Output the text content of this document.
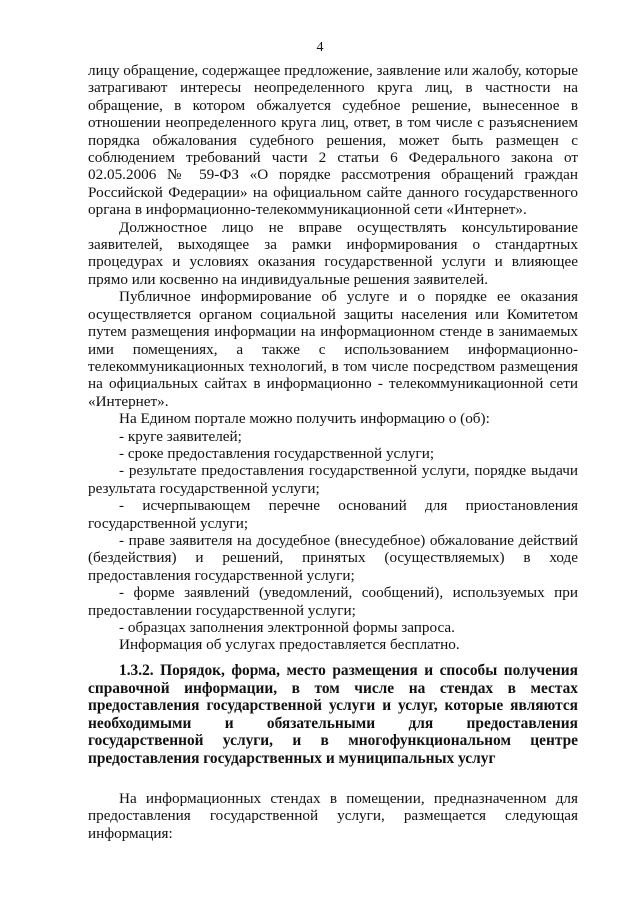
4

лицу обращение, содержащее предложение, заявление или жалобу, которые затрагивают интересы неопределенного круга лиц, в частности на обращение, в котором обжалуется судебное решение, вынесенное в отношении неопределенного круга лиц, ответ, в том числе с разъяснением порядка обжалования судебного решения, может быть размещен с соблюдением требований части 2 статьи 6 Федерального закона от 02.05.2006 № 59-ФЗ «О порядке рассмотрения обращений граждан Российской Федерации» на официальном сайте данного государственного органа в информационно-телекоммуникационной сети «Интернет».

Должностное лицо не вправе осуществлять консультирование заявителей, выходящее за рамки информирования о стандартных процедурах и условиях оказания государственной услуги и влияющее прямо или косвенно на индивидуальные решения заявителей.

Публичное информирование об услуге и о порядке ее оказания осуществляется органом социальной защиты населения или Комитетом путем размещения информации на информационном стенде в занимаемых ими помещениях, а также с использованием информационно-телекоммуникационных технологий, в том числе посредством размещения на официальных сайтах в информационно - телекоммуникационной сети «Интернет».

На Едином портале можно получить информацию о (об):

- круге заявителей;

- сроке предоставления государственной услуги;

- результате предоставления государственной услуги, порядке выдачи результата государственной услуги;

- исчерпывающем перечне оснований для приостановления государственной услуги;

- праве заявителя на досудебное (внесудебное) обжалование действий (бездействия) и решений, принятых (осуществляемых) в ходе предоставления государственной услуги;

- форме заявлений (уведомлений, сообщений), используемых при предоставлении государственной услуги;

- образцах заполнения электронной формы запроса.

Информация об услугах предоставляется бесплатно.

1.3.2. Порядок, форма, место размещения и способы получения справочной информации, в том числе на стендах в местах предоставления государственной услуги и услуг, которые являются необходимыми и обязательными для предоставления государственной услуги, и в многофункциональном центре предоставления государственных и муниципальных услуг

На информационных стендах в помещении, предназначенном для предоставления государственной услуги, размещается следующая информация:
